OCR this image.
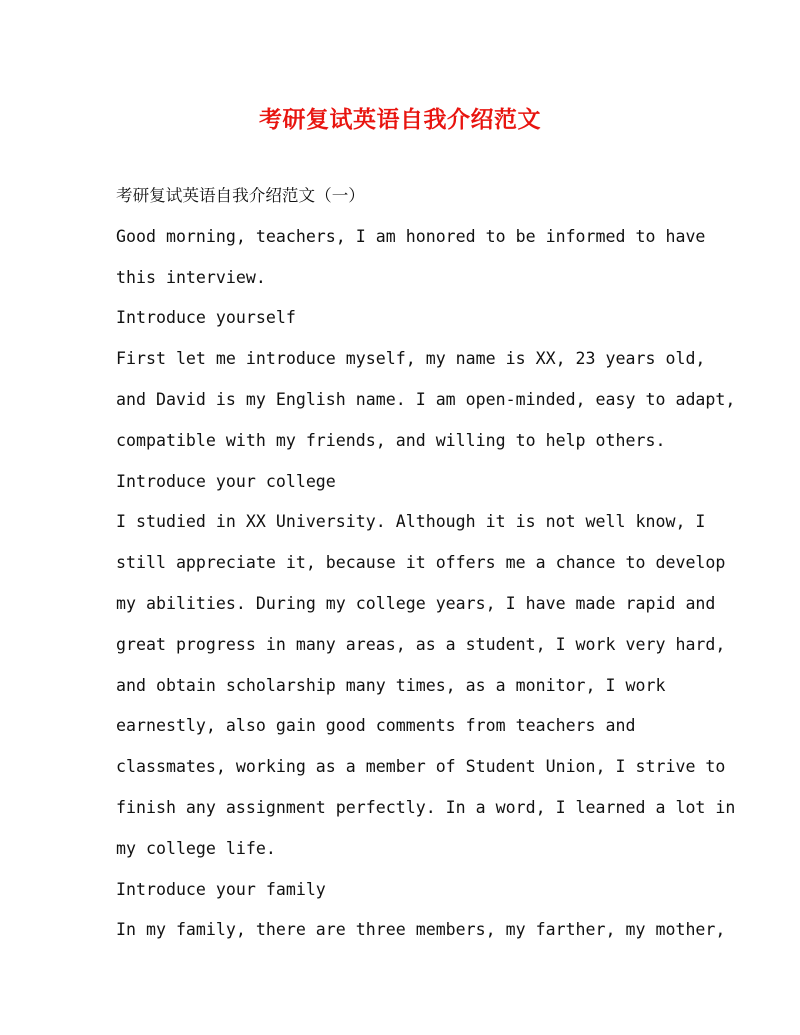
考研复试英语自我介绍范文
考研复试英语自我介绍范文（一）
Good morning, teachers, I am honored to be informed to have
this interview.
Introduce yourself
First let me introduce myself, my name is XX, 23 years old,
and David is my English name. I am open-minded, easy to adapt,
compatible with my friends, and willing to help others.
Introduce your college
I studied in XX University. Although it is not well know, I
still appreciate it, because it offers me a chance to develop
my abilities. During my college years, I have made rapid and
great progress in many areas, as a student, I work very hard,
and obtain scholarship many times, as a monitor, I work
earnestly, also gain good comments from teachers and
classmates, working as a member of Student Union, I strive to
finish any assignment perfectly. In a word, I learned a lot in
my college life.
Introduce your family
In my family, there are three members, my farther, my mother,
